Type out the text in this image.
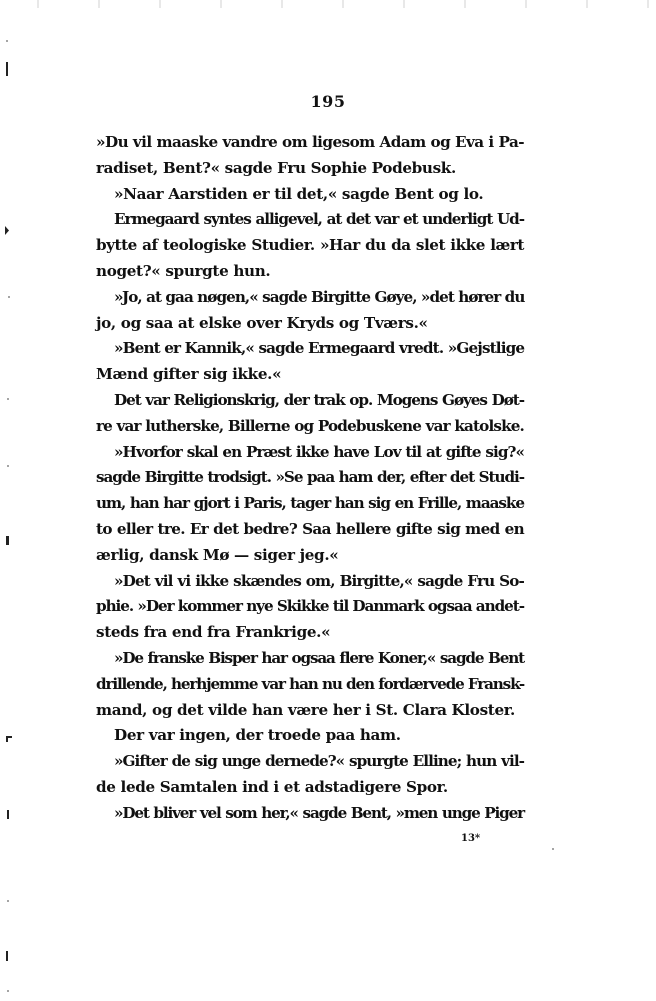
195
»Du vil maaske vandre om ligesom Adam og Eva i Pa-
radiset, Bent?« sagde Fru Sophie Podebusk.
»Naar Aarstiden er til det,« sagde Bent og lo.
Ermegaard syntes alligevel, at det var et underligt Ud-
bytte af teologiske Studier. »Har du da slet ikke lært
noget?« spurgte hun.
»Jo, at gaa nøgen,« sagde Birgitte Gøye, »det hører du
jo, og saa at elske over Kryds og Tværs.«
»Bent er Kannik,« sagde Ermegaard vredt. »Gejstlige
Mænd gifter sig ikke.«
Det var Religionskrig, der trak op. Mogens Gøyes Døt-
re var lutherske, Billerne og Podebuskene var katolske.
»Hvorfor skal en Præst ikke have Lov til at gifte sig?«
sagde Birgitte trodsigt. »Se paa ham der, efter det Studi-
um, han har gjort i Paris, tager han sig en Frille, maaske
to eller tre. Er det bedre? Saa hellere gifte sig med en
ærlig, dansk Mø — siger jeg.«
»Det vil vi ikke skændes om, Birgitte,« sagde Fru So-
phie. »Der kommer nye Skikke til Danmark ogsaa andet-
steds fra end fra Frankrige.«
»De franske Bisper har ogsaa flere Koner,« sagde Bent
drillende, herhjemme var han nu den fordærvede Fransk-
mand, og det vilde han være her i St. Clara Kloster.
Der var ingen, der troede paa ham.
»Gifter de sig unge dernede?« spurgte Elline; hun vil-
de lede Samtalen ind i et adstadigere Spor.
»Det bliver vel som her,« sagde Bent, »men unge Piger
13*
